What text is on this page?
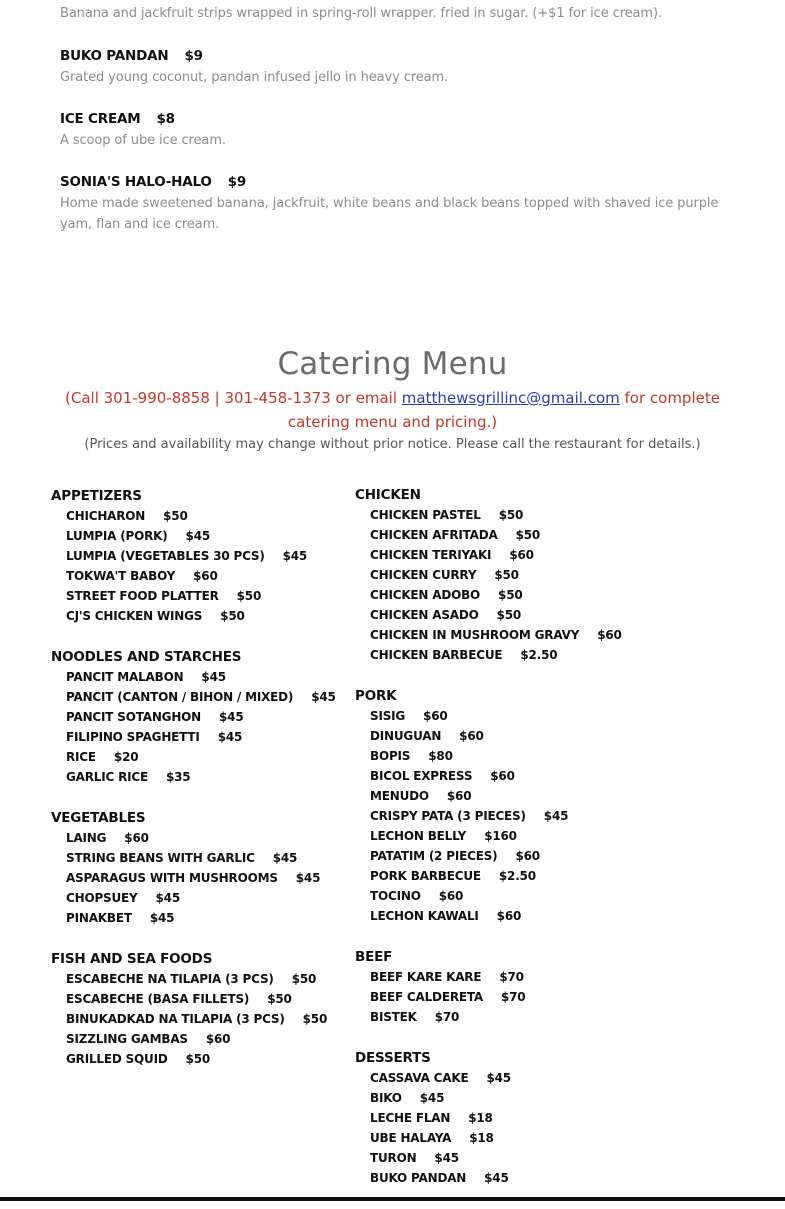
Banana and jackfruit strips wrapped in spring-roll wrapper. fried in sugar. (+$1 for ice cream).
BUKO PANDAN $9
Grated young coconut, pandan infused jello in heavy cream.
ICE CREAM $8
A scoop of ube ice cream.
SONIA'S HALO-HALO $9
Home made sweetened banana, jackfruit, white beans and black beans topped with shaved ice purple yam, flan and ice cream.
Catering Menu
(Call 301-990-8858 | 301-458-1373 or email matthewsgrillinc@gmail.com for complete catering menu and pricing.)
(Prices and availability may change without prior notice. Please call the restaurant for details.)
APPETIZERS
CHICHARON $50
LUMPIA (PORK) $45
LUMPIA (VEGETABLES 30 PCS) $45
TOKWA'T BABOY $60
STREET FOOD PLATTER $50
CJ'S CHICKEN WINGS $50
NOODLES AND STARCHES
PANCIT MALABON $45
PANCIT (CANTON / BIHON / MIXED) $45
PANCIT SOTANGHON $45
FILIPINO SPAGHETTI $45
RICE $20
GARLIC RICE $35
VEGETABLES
LAING $60
STRING BEANS WITH GARLIC $45
ASPARAGUS WITH MUSHROOMS $45
CHOPSUEY $45
PINAKBET $45
FISH AND SEA FOODS
ESCABECHE NA TILAPIA (3 PCS) $50
ESCABECHE (BASA FILLETS) $50
BINUKADKAD NA TILAPIA (3 PCS) $50
SIZZLING GAMBAS $60
GRILLED SQUID $50
CHICKEN
CHICKEN PASTEL $50
CHICKEN AFRITADA $50
CHICKEN TERIYAKI $60
CHICKEN CURRY $50
CHICKEN ADOBO $50
CHICKEN ASADO $50
CHICKEN IN MUSHROOM GRAVY $60
CHICKEN BARBECUE $2.50
PORK
SISIG $60
DINUGUAN $60
BOPIS $80
BICOL EXPRESS $60
MENUDO $60
CRISPY PATA (3 PIECES) $45
LECHON BELLY $160
PATATIM (2 PIECES) $60
PORK BARBECUE $2.50
TOCINO $60
LECHON KAWALI $60
BEEF
BEEF KARE KARE $70
BEEF CALDERETA $70
BISTEK $70
DESSERTS
CASSAVA CAKE $45
BIKO $45
LECHE FLAN $18
UBE HALAYA $18
TURON $45
BUKO PANDAN $45
